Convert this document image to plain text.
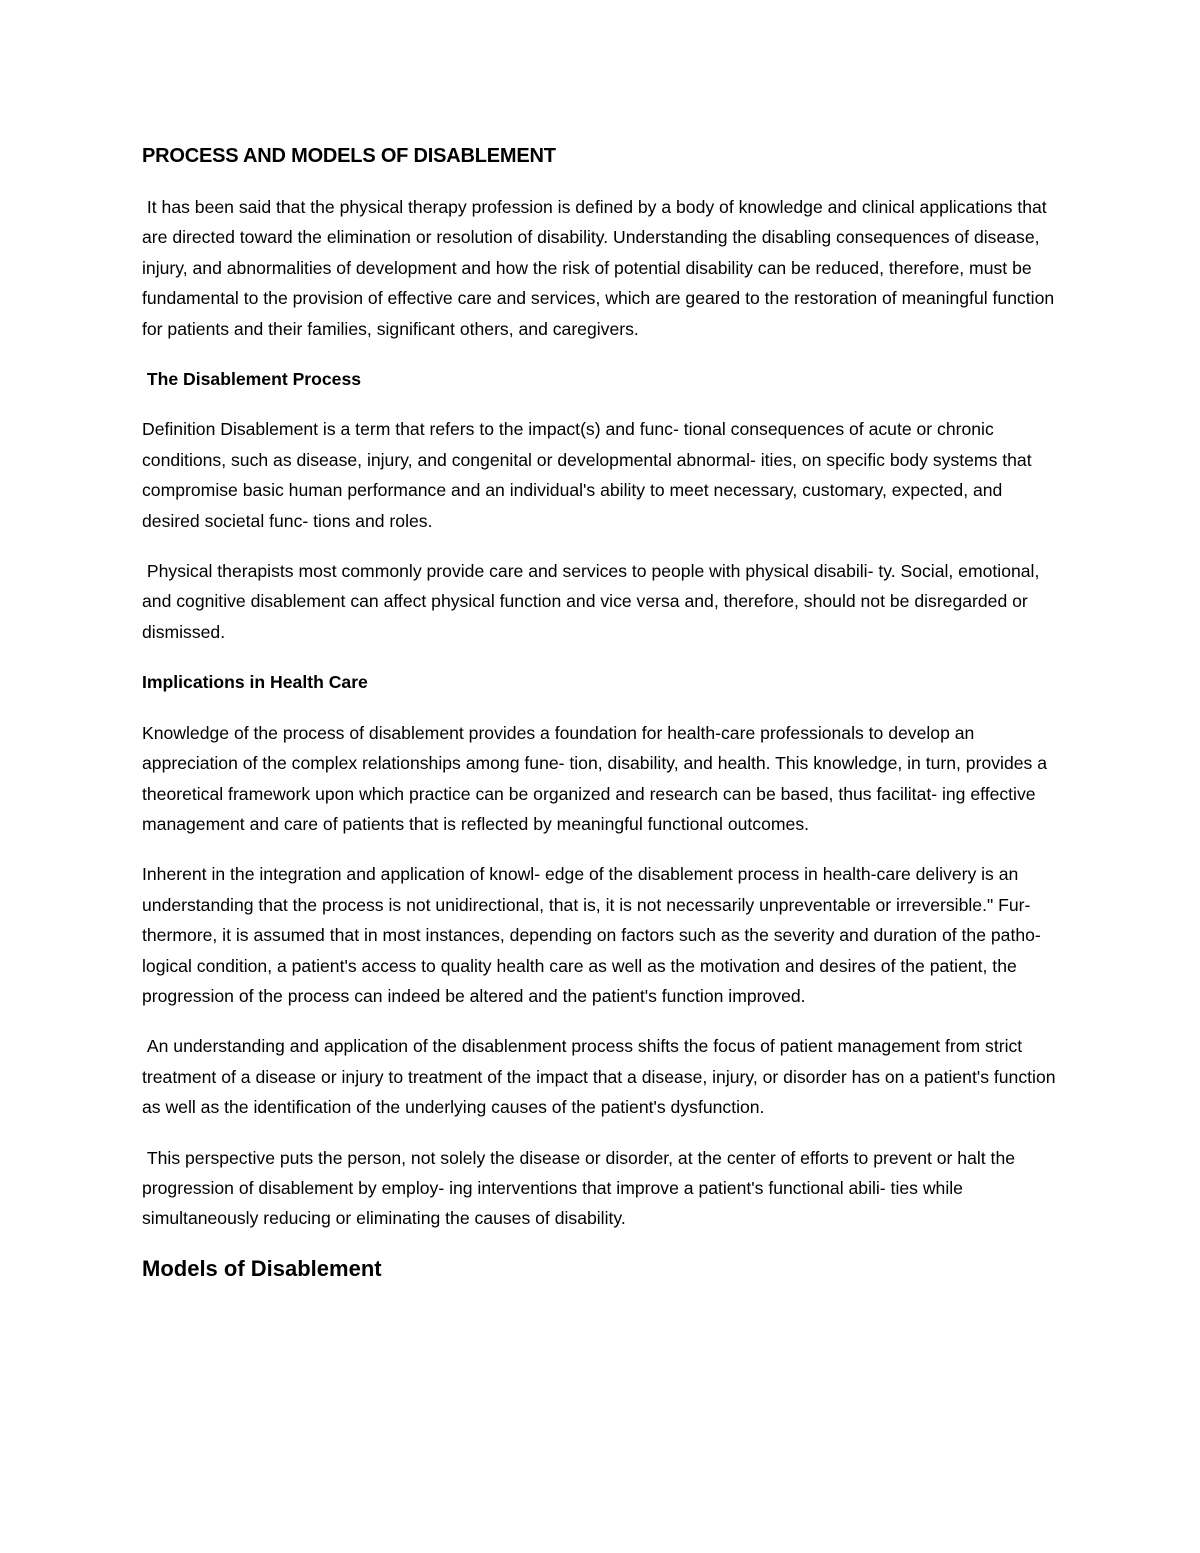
PROCESS AND MODELS OF DISABLEMENT

It has been said that the physical therapy profession is defined by a body of knowledge and clinical applications that are directed toward the elimination or resolution of disability. Understanding the disabling consequences of disease, injury, and abnormalities of development and how the risk of potential disability can be reduced, therefore, must be fundamental to the provision of effective care and services, which are geared to the restoration of meaningful function for patients and their families, significant others, and caregivers.

The Disablement Process

Definition Disablement is a term that refers to the impact(s) and func- tional consequences of acute or chronic conditions, such as disease, injury, and congenital or developmental abnormal- ities, on specific body systems that compromise basic human performance and an individual's ability to meet necessary, customary, expected, and desired societal func- tions and roles.

Physical therapists most commonly provide care and services to people with physical disabili- ty. Social, emotional, and cognitive disablement can affect physical function and vice versa and, therefore, should not be disregarded or dismissed.

Implications in Health Care

Knowledge of the process of disablement provides a foundation for health-care professionals to develop an appreciation of the complex relationships among fune- tion, disability, and health. This knowledge, in turn, provides a theoretical framework upon which practice can be organized and research can be based, thus facilitat- ing effective management and care of patients that is reflected by meaningful functional outcomes.

Inherent in the integration and application of knowl- edge of the disablement process in health-care delivery is an understanding that the process is not unidirectional, that is, it is not necessarily unpreventable or irreversible." Fur- thermore, it is assumed that in most instances, depending on factors such as the severity and duration of the patho- logical condition, a patient's access to quality health care as well as the motivation and desires of the patient, the progression of the process can indeed be altered and the patient's function improved.

An understanding and application of the disablenment process shifts the focus of patient management from strict treatment of a disease or injury to treatment of the impact that a disease, injury, or disorder has on a patient's function as well as the identification of the underlying causes of the patient's dysfunction.

This perspective puts the person, not solely the disease or disorder, at the center of efforts to prevent or halt the progression of disablement by employ- ing interventions that improve a patient's functional abili- ties while simultaneously reducing or eliminating the causes of disability.

Models of Disablement
